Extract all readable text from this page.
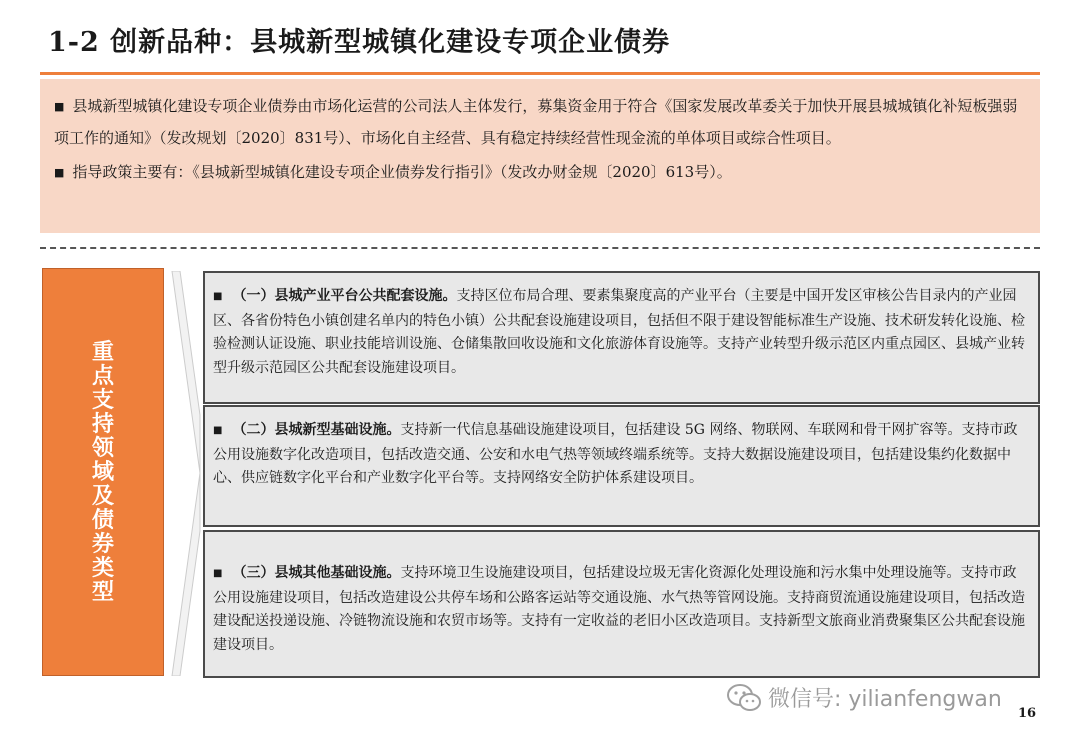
1-2 创新品种：县城新型城镇化建设专项企业债券

■ 县城新型城镇化建设专项企业债券由市场化运营的公司法人主体发行，募集资金用于符合《国家发展改革委关于加快开展县城城镇化补短板强弱项工作的通知》（发改规划〔2020〕831号）、市场化自主经营、具有稳定持续经营性现金流的单体项目或综合性项目。

■ 指导政策主要有：《县城新型城镇化建设专项企业债券发行指引》（发改办财金规〔2020〕613号）。

重点支持领域及债券类型
■ （一）县城产业平台公共配套设施。支持区位布局合理、要素集聚度高的产业平台（主要是中国开发区审核公告目录内的产业园区、各省份特色小镇创建名单内的特色小镇）公共配套设施建设项目，包括但不限于建设智能标准生产设施、技术研发转化设施、检验检测认证设施、职业技能培训设施、仓储集散回收设施和文化旅游体育设施等。支持产业转型升级示范区内重点园区、县城产业转型升级示范园区公共配套设施建设项目。
■ （二）县城新型基础设施。支持新一代信息基础设施建设项目，包括建设 5G 网络、物联网、车联网和骨干网扩容等。支持市政公用设施数字化改造项目，包括改造交通、公安和水电气热等领域终端系统等。支持大数据设施建设项目，包括建设集约化数据中心、供应链数字化平台和产业数字化平台等。支持网络安全防护体系建设项目。
■ （三）县城其他基础设施。支持环境卫生设施建设项目，包括建设垃圾无害化资源化处理设施和污水集中处理设施等。支持市政公用设施建设项目，包括改造建设公共停车场和公路客运站等交通设施、水气热等管网设施。支持商贸流通设施建设项目，包括改造建设配送投递设施、冷链物流设施和农贸市场等。支持有一定收益的老旧小区改造项目。支持新型文旅商业消费聚集区公共配套设施建设项目。
微信号: yilianfengwan
16
